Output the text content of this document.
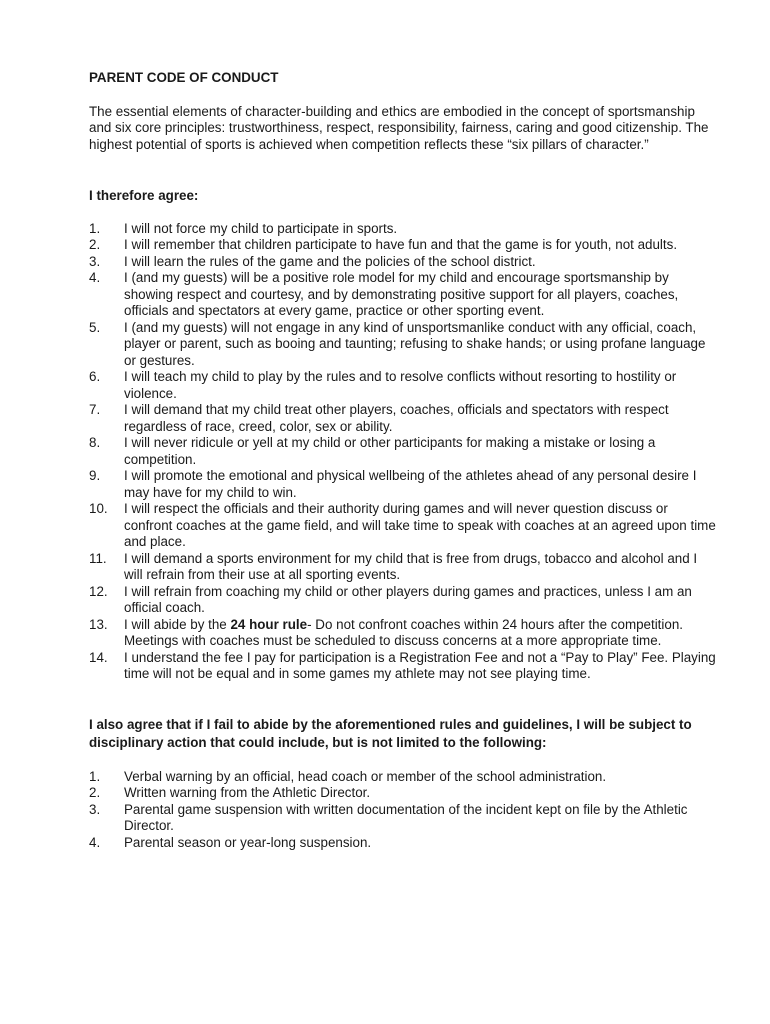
PARENT CODE OF CONDUCT
The essential elements of character-building and ethics are embodied in the concept of sportsmanship and six core principles: trustworthiness, respect, responsibility, fairness, caring and good citizenship. The highest potential of sports is achieved when competition reflects these “six pillars of character.”
I therefore agree:
1.	I will not force my child to participate in sports.
2.	I will remember that children participate to have fun and that the game is for youth, not adults.
3.	I will learn the rules of the game and the policies of the school district.
4.	I (and my guests) will be a positive role model for my child and encourage sportsmanship by showing respect and courtesy, and by demonstrating positive support for all players, coaches, officials and spectators at every game, practice or other sporting event.
5.	I (and my guests) will not engage in any kind of unsportsmanlike conduct with any official, coach, player or parent, such as booing and taunting; refusing to shake hands; or using profane language or gestures.
6.	I will teach my child to play by the rules and to resolve conflicts without resorting to hostility or violence.
7.	I will demand that my child treat other players, coaches, officials and spectators with respect regardless of race, creed, color, sex or ability.
8.	I will never ridicule or yell at my child or other participants for making a mistake or losing a competition.
9.	I will promote the emotional and physical wellbeing of the athletes ahead of any personal desire I may have for my child to win.
10.	I will respect the officials and their authority during games and will never question discuss or confront coaches at the game field, and will take time to speak with coaches at an agreed upon time and place.
11.	I will demand a sports environment for my child that is free from drugs, tobacco and alcohol and I will refrain from their use at all sporting events.
12.	I will refrain from coaching my child or other players during games and practices, unless I am an official coach.
13.	I will abide by the 24 hour rule- Do not confront coaches within 24 hours after the competition. Meetings with coaches must be scheduled to discuss concerns at a more appropriate time.
14.	I understand the fee I pay for participation is a Registration Fee and not a “Pay to Play” Fee. Playing time will not be equal and in some games my athlete may not see playing time.
I also agree that if I fail to abide by the aforementioned rules and guidelines, I will be subject to disciplinary action that could include, but is not limited to the following:
1.	Verbal warning by an official, head coach or member of the school administration.
2.	Written warning from the Athletic Director.
3.	Parental game suspension with written documentation of the incident kept on file by the Athletic Director.
4.	Parental season or year-long suspension.
